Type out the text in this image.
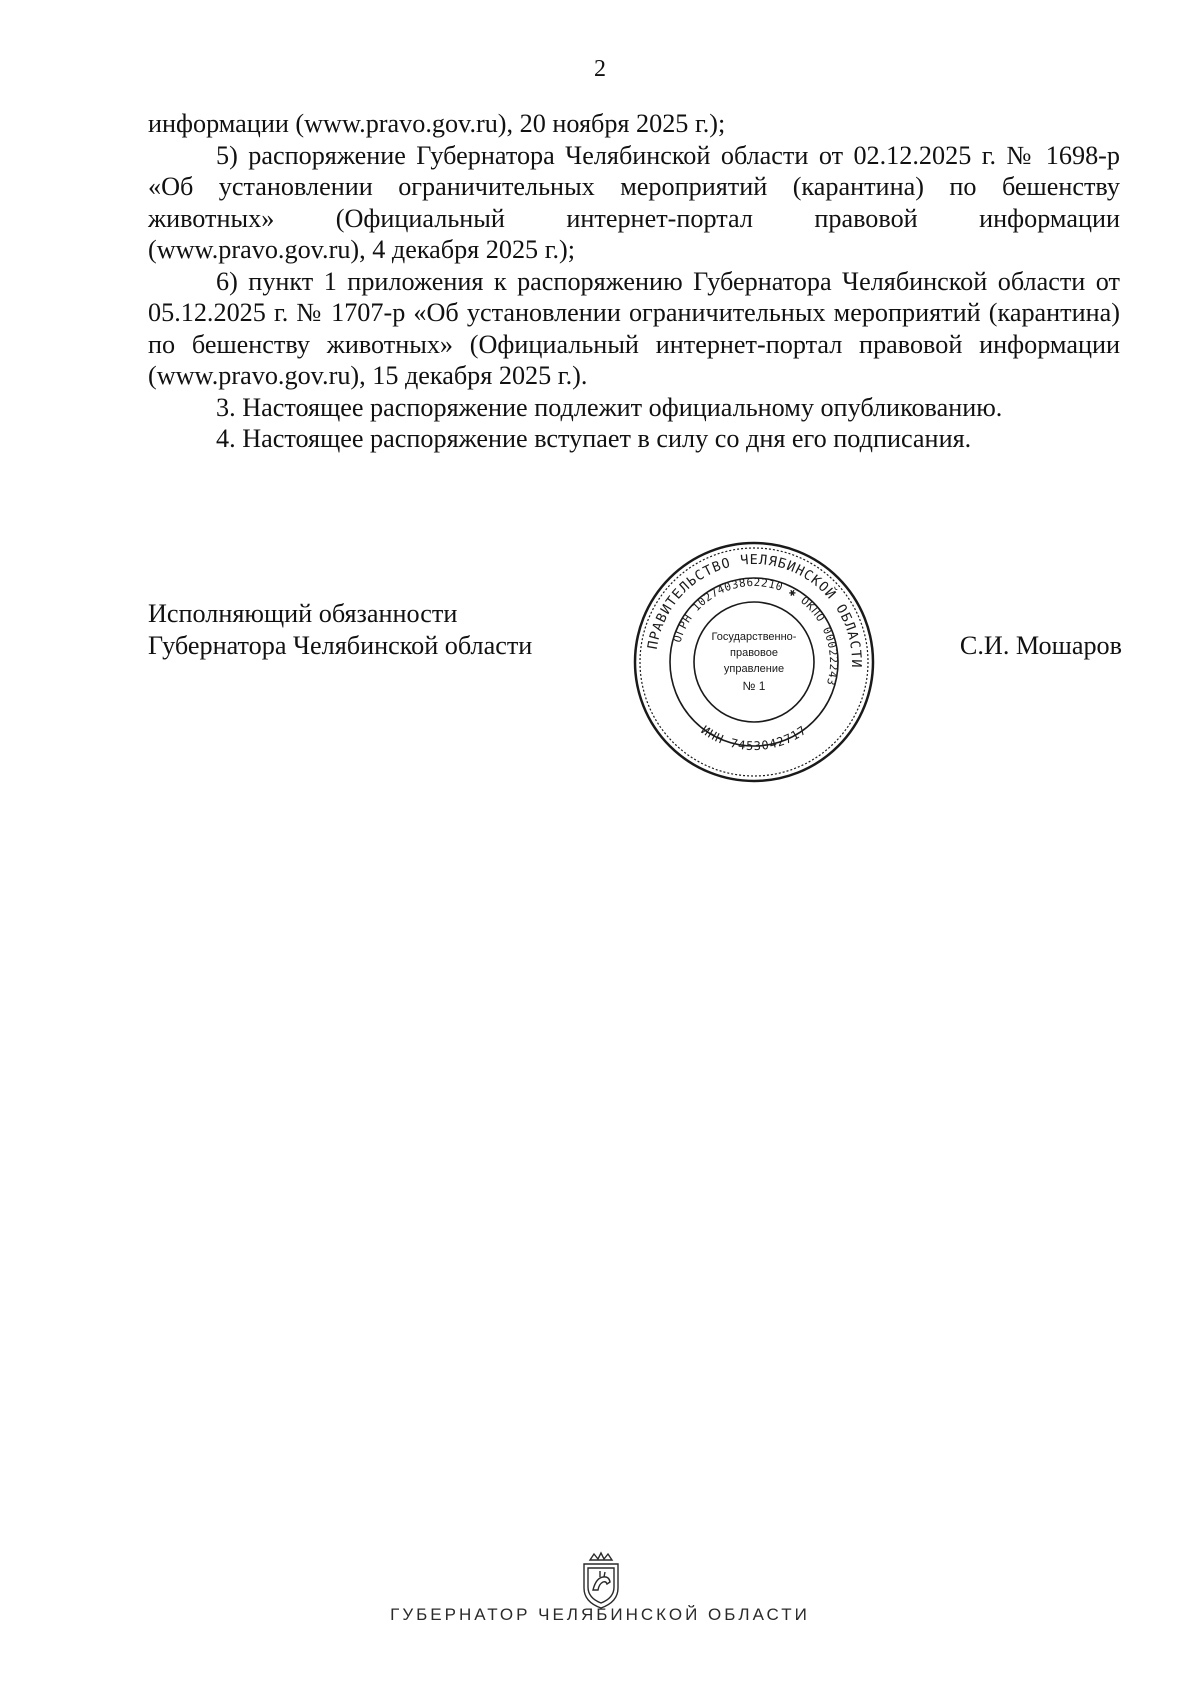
2

информации (www.pravo.gov.ru), 20 ноября 2025 г.);

5) распоряжение Губернатора Челябинской области от 02.12.2025 г. № 1698-р «Об установлении ограничительных мероприятий (карантина) по бешенству животных» (Официальный интернет-портал правовой информации (www.pravo.gov.ru), 4 декабря 2025 г.);

6) пункт 1 приложения к распоряжению Губернатора Челябинской области от 05.12.2025 г. № 1707-р «Об установлении ограничительных мероприятий (карантина) по бешенству животных» (Официальный интернет-портал правовой информации (www.pravo.gov.ru), 15 декабря 2025 г.).

3. Настоящее распоряжение подлежит официальному опубликованию.

4. Настоящее распоряжение вступает в силу со дня его подписания.

Исполняющий обязанности
Губернатора Челябинской области	С.И. Мошаров
ПРАВИТЕЛЬСТВО ЧЕЛЯБИНСКОЙ ОБЛАСТИ
ОГРН 1027403862210 ✱ ОКПО 00022243
ИНН 7453042717
Государственно-
правовое
управление
№ 1
ГУБЕРНАТОР ЧЕЛЯБИНСКОЙ ОБЛАСТИ
